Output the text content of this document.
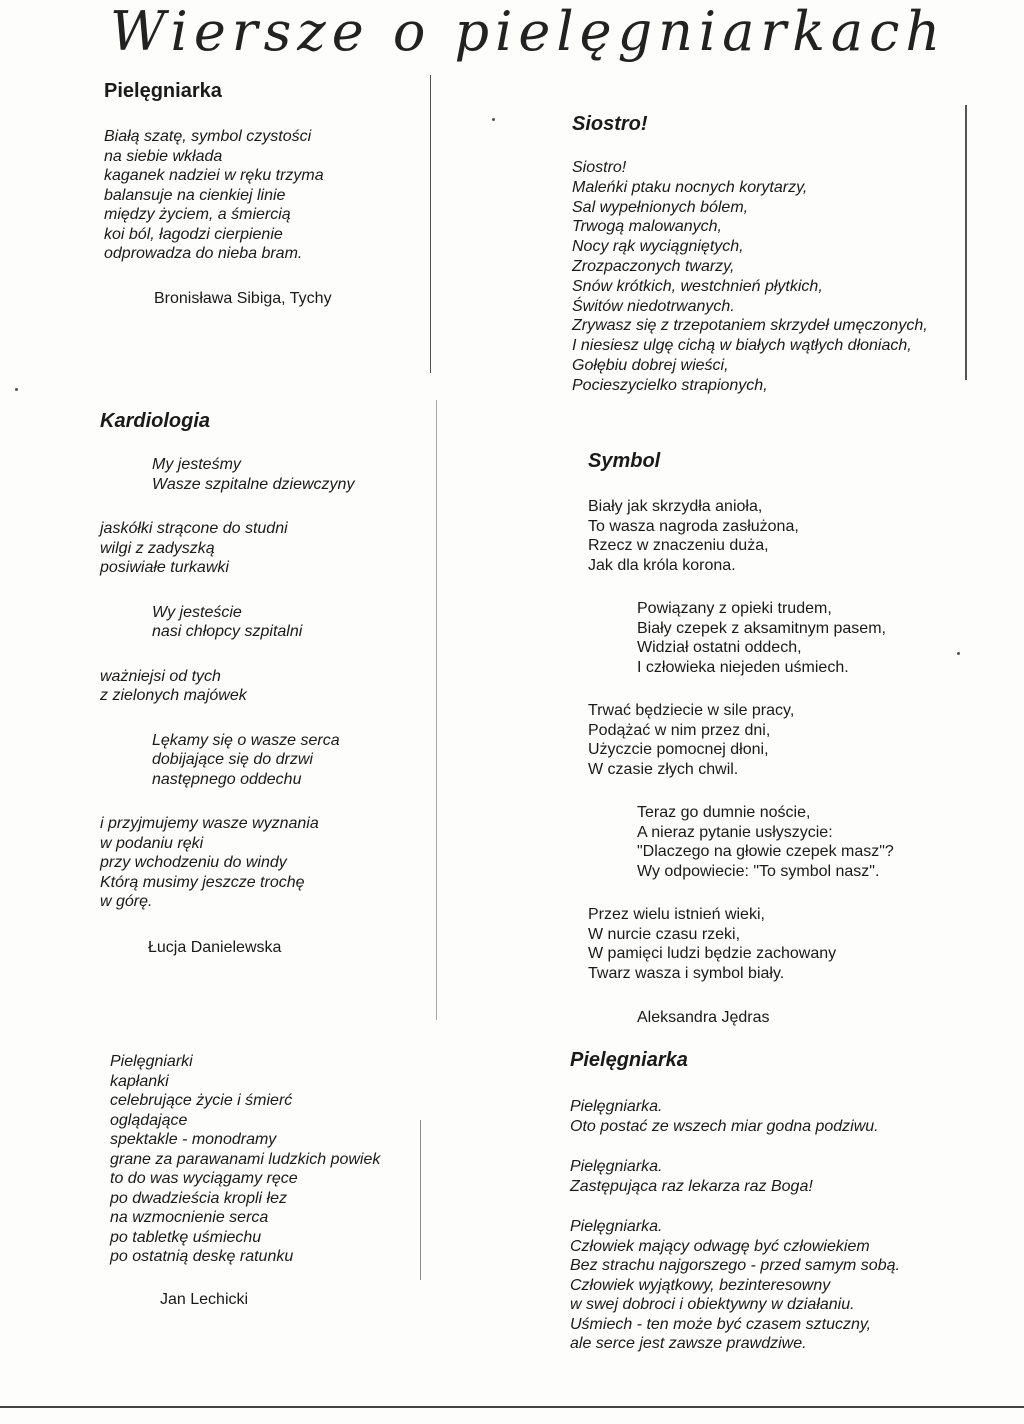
Wiersze o pielęgniarkach
Pielęgniarka
Białą szatę, symbol czystości
na siebie wkłada
kaganek nadziei w ręku trzyma
balansuje na cienkiej linie
między życiem, a śmiercią
koi ból, łagodzi cierpienie
odprowadza do nieba bram.
Bronisława Sibiga, Tychy
Siostro!
Siostro!
Maleńki ptaku nocnych korytarzy,
Sal wypełnionych bólem,
Trwogą malowanych,
Nocy rąk wyciągniętych,
Zrozpaczonych twarzy,
Snów krótkich, westchnień płytkich,
Świtów niedotrwanych.
Zrywasz się z trzepotaniem skrzydeł umęczonych,
I niesiesz ulgę cichą w białych wątłych dłoniach,
Gołębiu dobrej wieści,
Pocieszycielko strapionych,
Kardiologia
My jesteśmy
Wasze szpitalne dziewczyny
jaskółki strącone do studni
wilgi z zadyszką
posiwiałe turkawki
Wy jesteście
nasi chłopcy szpitalni
ważniejsi od tych
z zielonych majówek
Lękamy się o wasze serca
dobijające się do drzwi
następnego oddechu
i przyjmujemy wasze wyznania
w podaniu ręki
przy wchodzeniu do windy
Którą musimy jeszcze trochę
w górę.
Łucja Danielewska
Symbol
Biały jak skrzydła anioła,
To wasza nagroda zasłużona,
Rzecz w znaczeniu duża,
Jak dla króla korona.
Powiązany z opieki trudem,
Biały czepek z aksamitnym pasem,
Widział ostatni oddech,
I człowieka niejeden uśmiech.
Trwać będziecie w sile pracy,
Podążać w nim przez dni,
Użyczcie pomocnej dłoni,
W czasie złych chwil.
Teraz go dumnie noście,
A nieraz pytanie usłyszycie:
"Dlaczego na głowie czepek masz"?
Wy odpowiecie: "To symbol nasz".
Przez wielu istnień wieki,
W nurcie czasu rzeki,
W pamięci ludzi będzie zachowany
Twarz wasza i symbol biały.
Aleksandra Jędras
Pielęgniarki
kapłanki
celebrujące życie i śmierć
oglądające
spektakle - monodramy
grane za parawanami ludzkich powiek
to do was wyciągamy ręce
po dwadzieścia kropli łez
na wzmocnienie serca
po tabletkę uśmiechu
po ostatnią deskę ratunku
Jan Lechicki
Pielęgniarka
Pielęgniarka.
Oto postać ze wszech miar godna podziwu.
Pielęgniarka.
Zastępująca raz lekarza raz Boga!
Pielęgniarka.
Człowiek mający odwagę być człowiekiem
Bez strachu najgorszego - przed samym sobą.
Człowiek wyjątkowy, bezinteresowny
w swej dobroci i obiektywny w działaniu.
Uśmiech - ten może być czasem sztuczny,
ale serce jest zawsze prawdziwe.
